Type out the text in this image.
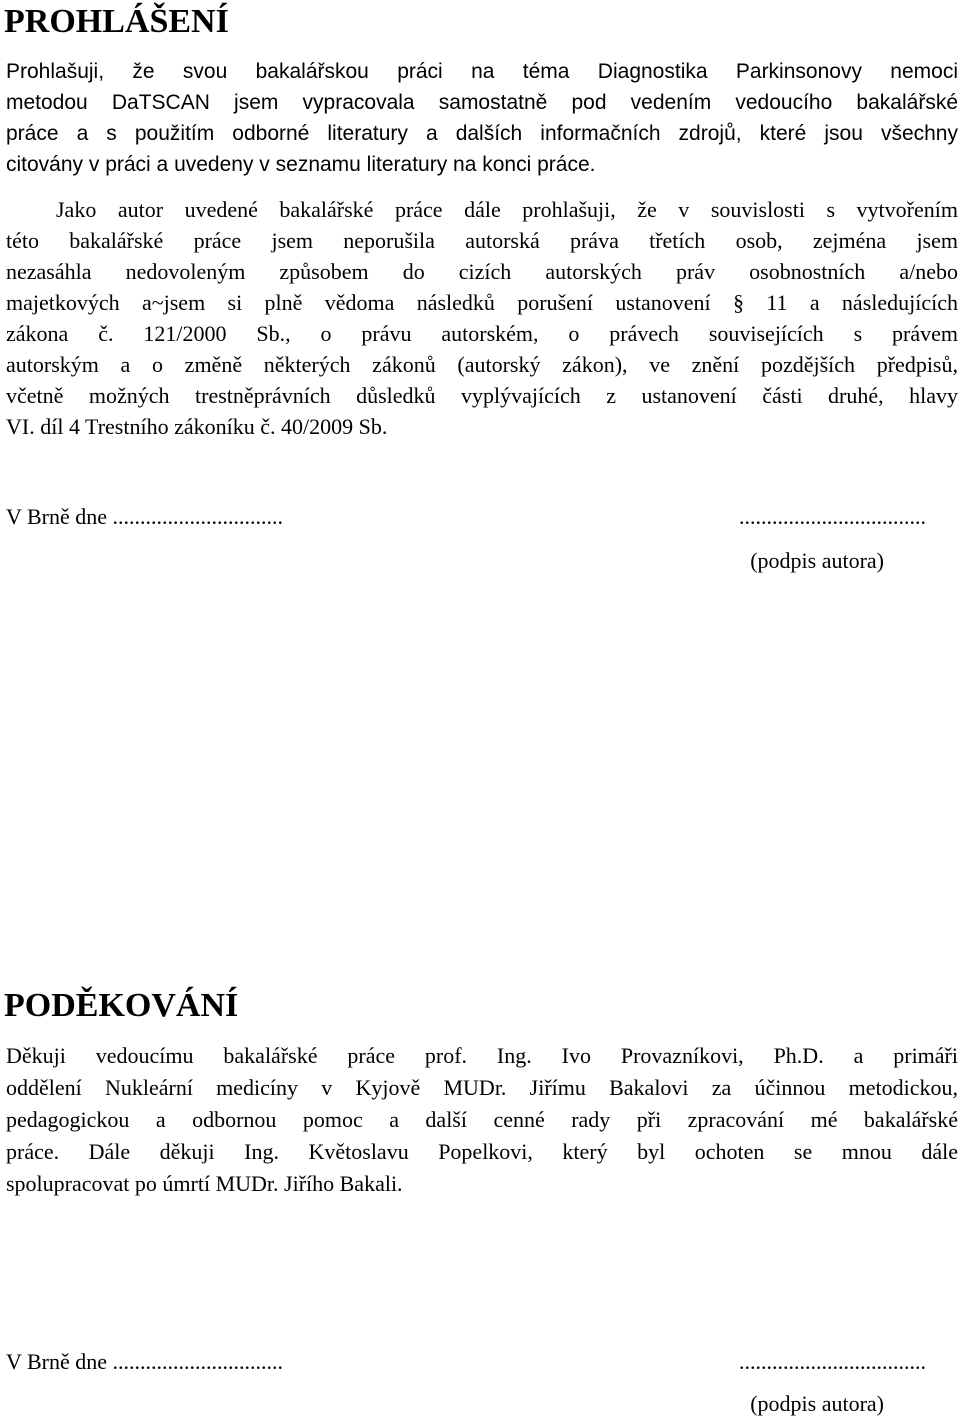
PROHLÁŠENÍ
Prohlašuji, že svou bakalářskou práci na téma Diagnostika Parkinsonovy nemoci
metodou DaTSCAN jsem vypracovala samostatně pod vedením vedoucího bakalářské
práce a s použitím odborné literatury a dalších informačních zdrojů, které jsou všechny
citovány v práci a uvedeny v seznamu literatury na konci práce.
Jako autor uvedené bakalářské práce dále prohlašuji, že v souvislosti s vytvořením
této bakalářské práce jsem neporušila autorská práva třetích osob, zejména jsem
nezasáhla nedovoleným způsobem do cizích autorských práv osobnostních a/nebo
majetkových a~jsem si plně vědoma následků porušení ustanovení § 11 a následujících
zákona č. 121/2000 Sb., o právu autorském, o právech souvisejících s právem
autorským a o změně některých zákonů (autorský zákon), ve znění pozdějších předpisů,
včetně možných trestněprávních důsledků vyplývajících z ustanovení části druhé, hlavy
VI. díl 4 Trestního zákoníku č. 40/2009 Sb.
V Brně dne ...............................	..................................
(podpis autora)
PODĚKOVÁNÍ
Děkuji vedoucímu bakalářské práce prof. Ing. Ivo Provazníkovi, Ph.D. a primáři
oddělení Nukleární medicíny v Kyjově MUDr. Jiřímu Bakalovi za účinnou metodickou,
pedagogickou a odbornou pomoc a další cenné rady při zpracování mé bakalářské
práce. Dále děkuji Ing. Květoslavu Popelkovi, který byl ochoten se mnou dále
spolupracovat po úmrtí MUDr. Jiřího Bakali.
V Brně dne ...............................	..................................
(podpis autora)
